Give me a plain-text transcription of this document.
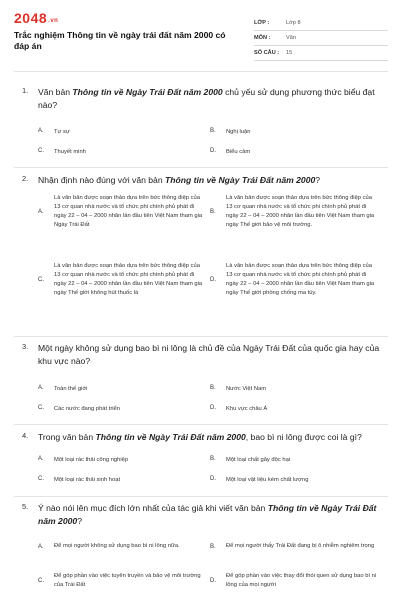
2048.vn
Trắc nghiệm Thông tin về ngày trái đất năm 2000 có đáp án
LỚP :	Lớp 8
MÔN :	Văn
SỐ CÂU :	15
1. Văn bản Thông tin về Ngày Trái Đất năm 2000 chủ yếu sử dụng phương thức biểu đạt nào?
A.	Tự sự	B.	Nghị luận
C.	Thuyết minh	D.	Biểu cảm
2. Nhận định nào đúng với văn bản Thông tin về Ngày Trái Đất năm 2000?
A.
Là văn bản được soạn thảo dựa trên bức thông điệp của 13 cơ quan nhà nước và tổ chức phi chính phủ phát đi ngày 22 – 04 – 2000 nhân lần đầu tiên Việt Nam tham gia Ngày Trái Đất
B.
Là văn bản được soạn thảo dựa trên bức thông điệp của 13 cơ quan nhà nước và tổ chức phi chính phủ phát đi ngày 22 – 04 – 2000 nhân lần đầu tiên Việt Nam tham gia ngày Thế giới bảo vệ môi trường.
C.
Là văn bản được soạn thảo dựa trên bức thông điệp của 13 cơ quan nhà nước và tổ chức phi chính phủ phát đi ngày 22 – 04 – 2000 nhân lần đầu tiên Việt Nam tham gia ngày Thế giới không hút thuốc lá
D.
Là văn bản được soạn thảo dựa trên bức thông điệp của 13 cơ quan nhà nước và tổ chức phi chính phủ phát đi ngày 22 – 04 – 2000 nhân lần đầu tiên Việt Nam tham gia ngày Thế giới phòng chống ma túy.
3. Một ngày không sử dụng bao bì ni lông là chủ đề của Ngày Trái Đất của quốc gia hay của khu vực nào?
A.	Toàn thế giới	B.	Nước Việt Nam
C.	Các nước đang phát triển	D.	Khu vực châu Á
4. Trong văn bản Thông tin về Ngày Trái Đất năm 2000, bao bì ni lông được coi là gì?
A.	Một loại rác thải công nghiệp	B.	Một loại chất gây độc hại
C.	Một loại rác thải sinh hoạt	D.	Một loại vật liệu kém chất lượng
5. Ý nào nói lên mục đích lớn nhất của tác giả khi viết văn bản Thông tin về Ngày Trái Đất năm 2000?
A.	Để mọi người không sử dụng bao bì ni lông nữa.	B.	Để mọi người thấy Trái Đất đang bị ô nhiễm nghiêm trọng
C.
Để góp phần vào việc tuyên truyền và bảo vệ môi trường của Trái Đất
D.
Để góp phần vào việc thay đổi thói quen sử dụng bao bì ni lông của mọi người
